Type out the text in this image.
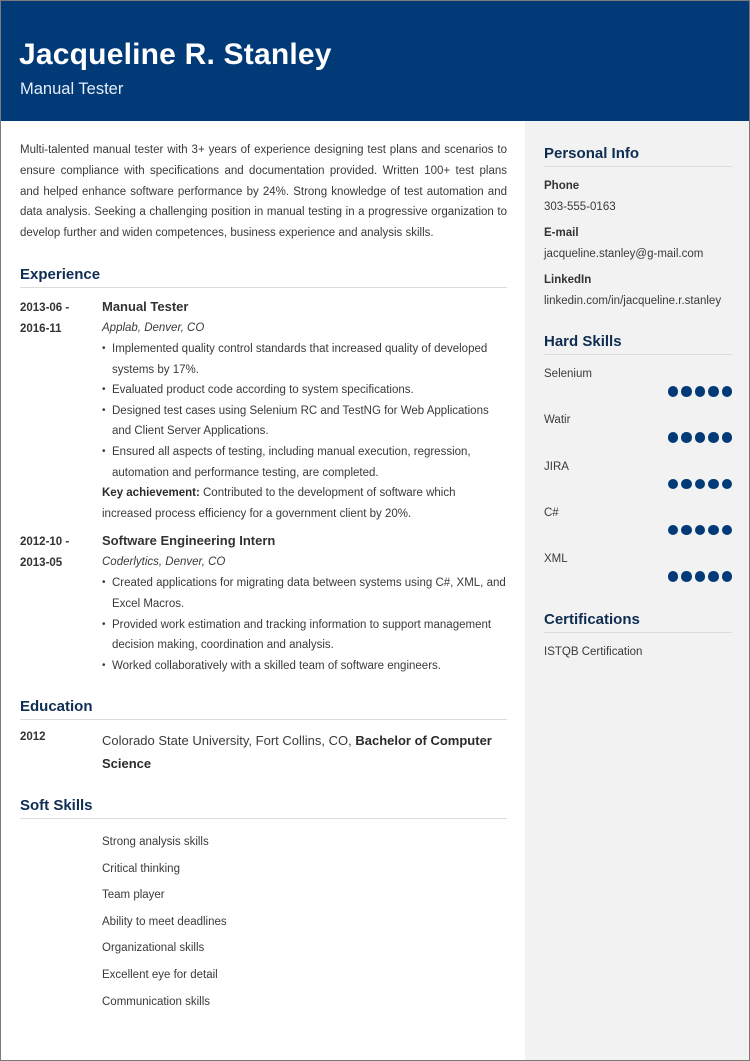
Jacqueline R. Stanley
Manual Tester

Multi-talented manual tester with 3+ years of experience designing test plans and scenarios to ensure compliance with specifications and documentation provided. Written 100+ test plans and helped enhance software performance by 24%. Strong knowledge of test automation and data analysis. Seeking a challenging position in manual testing in a progressive organization to develop further and widen competences, business experience and analysis skills.

Experience
2013-06 -
2016-11
Manual Tester
Applab, Denver, CO
• Implemented quality control standards that increased quality of developed systems by 17%.
• Evaluated product code according to system specifications.
• Designed test cases using Selenium RC and TestNG for Web Applications and Client Server Applications.
• Ensured all aspects of testing, including manual execution, regression, automation and performance testing, are completed.
Key achievement: Contributed to the development of software which increased process efficiency for a government client by 20%.
2012-10 -
2013-05
Software Engineering Intern
Coderlytics, Denver, CO
• Created applications for migrating data between systems using C#, XML, and Excel Macros.
• Provided work estimation and tracking information to support management decision making, coordination and analysis.
• Worked collaboratively with a skilled team of software engineers.
Education
2012	Colorado State University, Fort Collins, CO, Bachelor of Computer Science
Soft Skills
Strong analysis skills
Critical thinking
Team player
Ability to meet deadlines
Organizational skills
Excellent eye for detail
Communication skills
Personal Info
Phone
303-555-0163
E-mail
jacqueline.stanley@g-mail.com
LinkedIn
linkedin.com/in/jacqueline.r.stanley
Hard Skills
Selenium
Watir
JIRA
C#
XML
Certifications
ISTQB Certification
